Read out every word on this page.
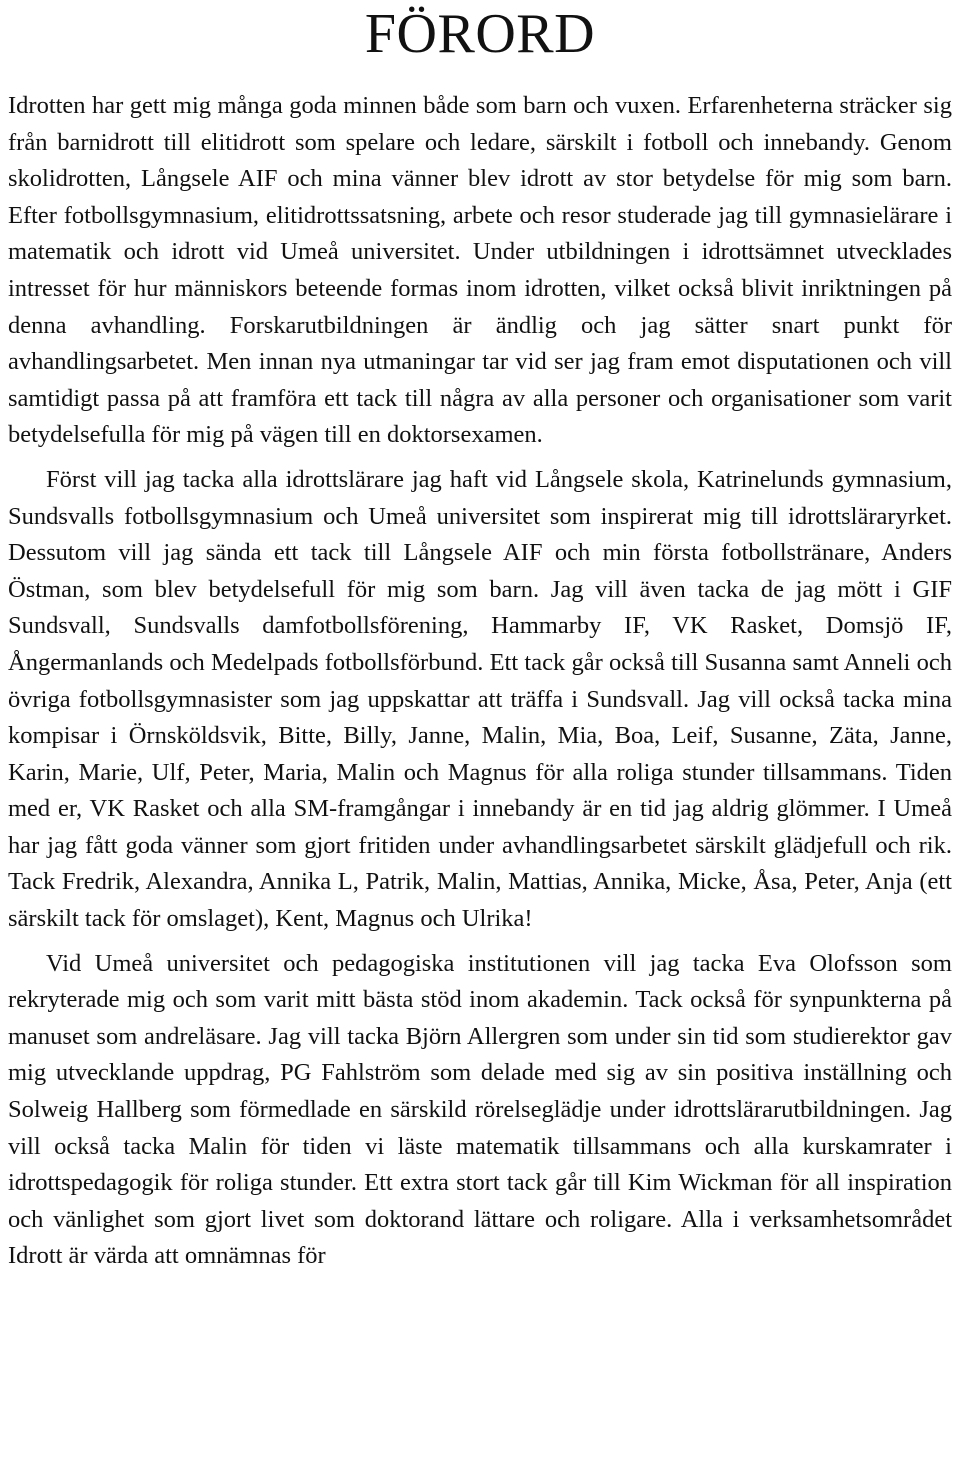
FÖRORD

Idrotten har gett mig många goda minnen både som barn och vuxen. Erfarenheterna sträcker sig från barnidrott till elitidrott som spelare och ledare, särskilt i fotboll och innebandy. Genom skolidrotten, Långsele AIF och mina vänner blev idrott av stor betydelse för mig som barn. Efter fotbollsgymnasium, elitidrottssatsning, arbete och resor studerade jag till gymnasielärare i matematik och idrott vid Umeå universitet. Under utbildningen i idrottsämnet utvecklades intresset för hur människors beteende formas inom idrotten, vilket också blivit inriktningen på denna avhandling. Forskarutbildningen är ändlig och jag sätter snart punkt för avhandlingsarbetet. Men innan nya utmaningar tar vid ser jag fram emot disputationen och vill samtidigt passa på att framföra ett tack till några av alla personer och organisationer som varit betydelsefulla för mig på vägen till en doktorsexamen.

Först vill jag tacka alla idrottslärare jag haft vid Långsele skola, Katrinelunds gymnasium, Sundsvalls fotbollsgymnasium och Umeå universitet som inspirerat mig till idrottsläraryrket. Dessutom vill jag sända ett tack till Långsele AIF och min första fotbollstränare, Anders Östman, som blev betydelsefull för mig som barn. Jag vill även tacka de jag mött i GIF Sundsvall, Sundsvalls damfotbollsförening, Hammarby IF, VK Rasket, Domsjö IF, Ångermanlands och Medelpads fotbollsförbund. Ett tack går också till Susanna samt Anneli och övriga fotbollsgymnasister som jag uppskattar att träffa i Sundsvall. Jag vill också tacka mina kompisar i Örnsköldsvik, Bitte, Billy, Janne, Malin, Mia, Boa, Leif, Susanne, Zäta, Janne, Karin, Marie, Ulf, Peter, Maria, Malin och Magnus för alla roliga stunder tillsammans. Tiden med er, VK Rasket och alla SM-framgångar i innebandy är en tid jag aldrig glömmer. I Umeå har jag fått goda vänner som gjort fritiden under avhandlingsarbetet särskilt glädjefull och rik. Tack Fredrik, Alexandra, Annika L, Patrik, Malin, Mattias, Annika, Micke, Åsa, Peter, Anja (ett särskilt tack för omslaget), Kent, Magnus och Ulrika!

Vid Umeå universitet och pedagogiska institutionen vill jag tacka Eva Olofsson som rekryterade mig och som varit mitt bästa stöd inom akademin. Tack också för synpunkterna på manuset som andreläsare. Jag vill tacka Björn Allergren som under sin tid som studierektor gav mig utvecklande uppdrag, PG Fahlström som delade med sig av sin positiva inställning och Solweig Hallberg som förmedlade en särskild rörelseglädje under idrottslärarutbildningen. Jag vill också tacka Malin för tiden vi läste matematik tillsammans och alla kurskamrater i idrottspedagogik för roliga stunder. Ett extra stort tack går till Kim Wickman för all inspiration och vänlighet som gjort livet som doktorand lättare och roligare. Alla i verksamhetsområdet Idrott är värda att omnämnas för
